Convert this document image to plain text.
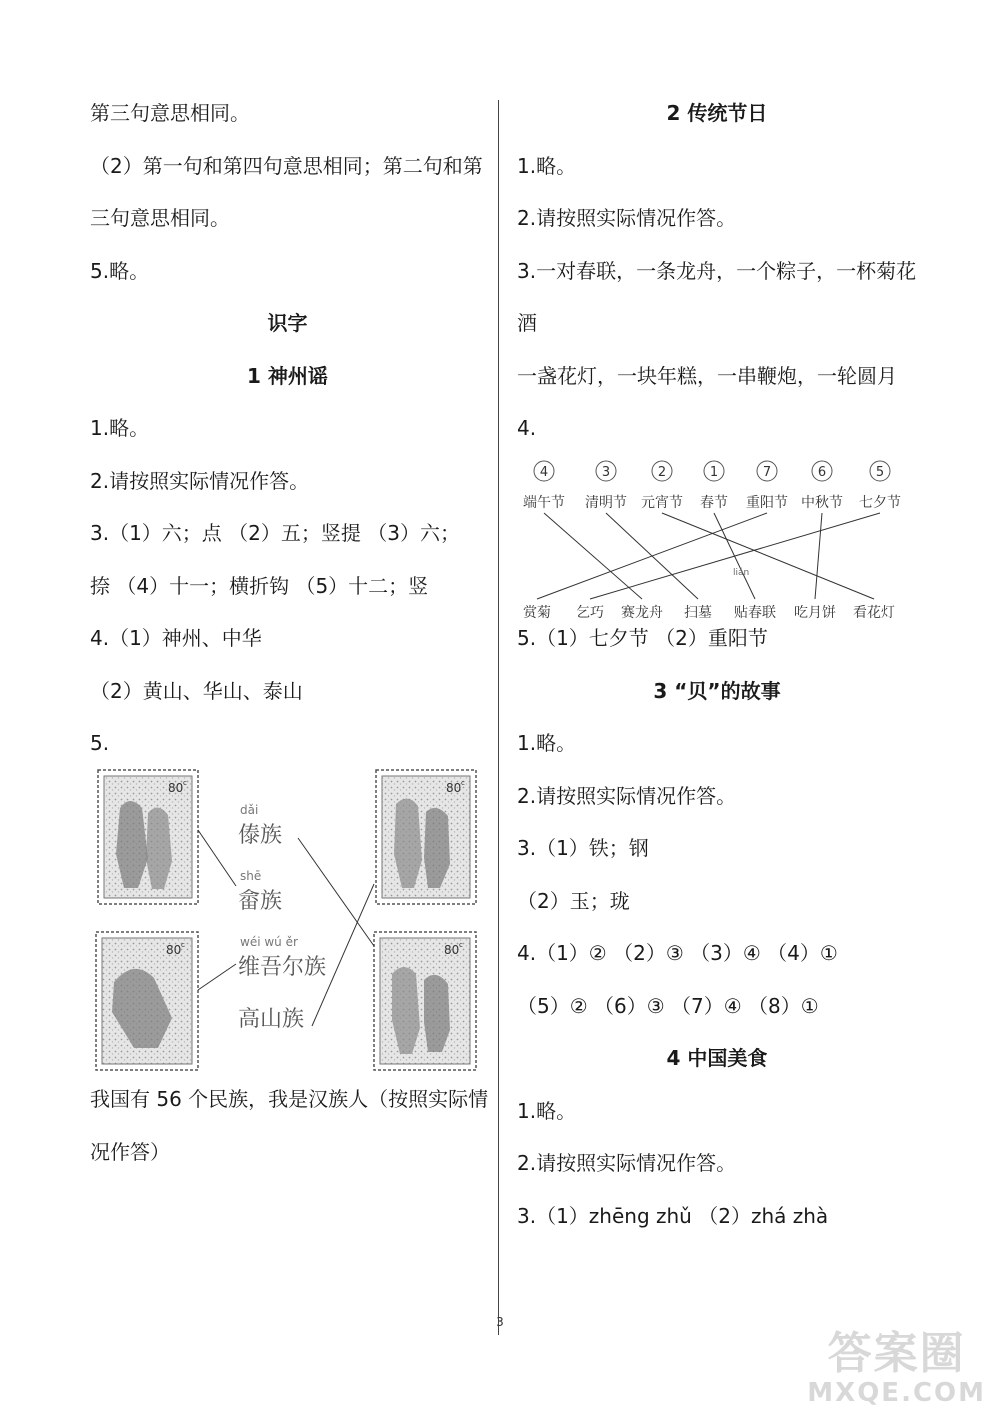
第三句意思相同。
（2）第一句和第四句意思相同；第二句和第
三句意思相同。
5.略。
识字
1 神州谣
1.略。
2.请按照实际情况作答。
3.（1）六；点 （2）五；竖提 （3）六；
捺 （4）十一；横折钩 （5）十二；竖
4.（1）神州、中华
（2）黄山、华山、泰山
5.
80 c	80 c
80 c	80 c
dǎi
傣族
shē
畲族
wéi wú ěr
维吾尔族
高山族
我国有 56 个民族，我是汉族人（按照实际情
况作答）
2 传统节日
1.略。
2.请按照实际情况作答。
3.一对春联，一条龙舟，一个粽子，一杯菊花
酒
一盏花灯，一块年糕，一串鞭炮，一轮圆月
4.
4	3	2	1	7	6	5
端午节 清明节 元宵节 春节 重阳节 中秋节 七夕节
赏菊 乞巧 赛龙舟 扫墓 贴春联 吃月饼 看花灯
lián
5.（1）七夕节 （2）重阳节
3 “贝”的故事
1.略。
2.请按照实际情况作答。
3.（1）铁；钢
（2）玉；珑
4.（1）② （2）③ （3）④ （4）①
（5）② （6）③ （7）④ （8）①
4 中国美食
1.略。
2.请按照实际情况作答。
3.（1）zhēng zhǔ （2）zhá zhà
3
答案圈
MXQE.COM
